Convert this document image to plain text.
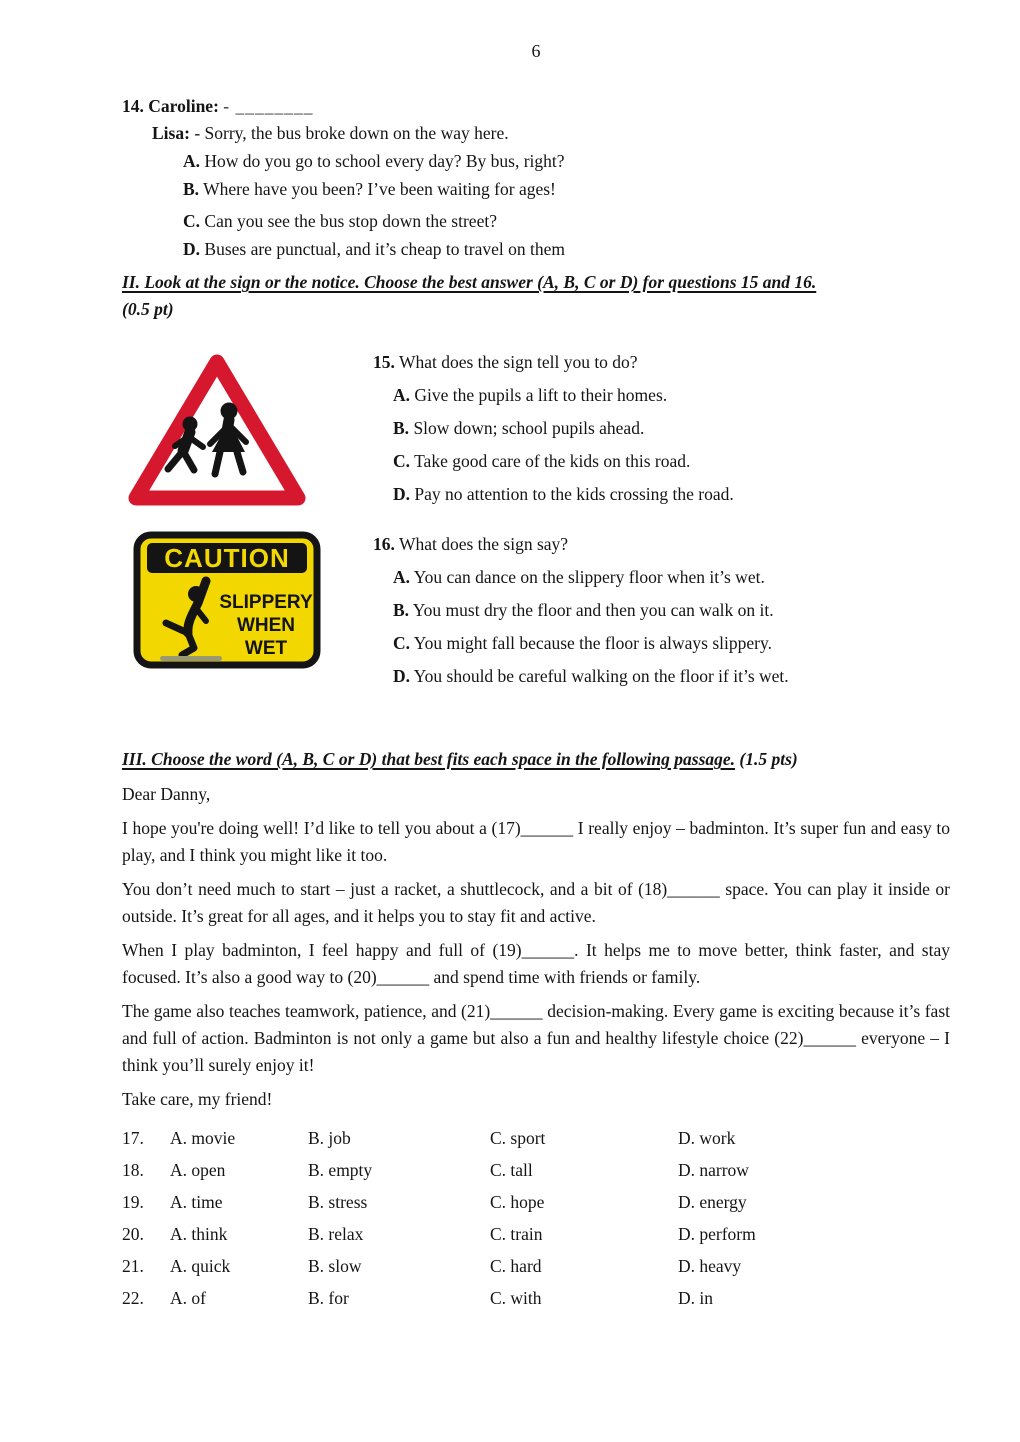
6
14. Caroline: - ________
Lisa: - Sorry, the bus broke down on the way here.
A. How do you go to school every day? By bus, right?
B. Where have you been? I’ve been waiting for ages!
C. Can you see the bus stop down the street?
D. Buses are punctual, and it’s cheap to travel on them
II. Look at the sign or the notice. Choose the best answer (A, B, C or D) for questions 15 and 16.
(0.5 pt)
15. What does the sign tell you to do?
A. Give the pupils a lift to their homes.
B. Slow down; school pupils ahead.
C. Take good care of the kids on this road.
D. Pay no attention to the kids crossing the road.
CAUTION
SLIPPERY
WHEN
WET
16. What does the sign say?
A. You can dance on the slippery floor when it’s wet.
B. You must dry the floor and then you can walk on it.
C. You might fall because the floor is always slippery.
D. You should be careful walking on the floor if it’s wet.
III. Choose the word (A, B, C or D) that best fits each space in the following passage. (1.5 pts)
Dear Danny,
I hope you're doing well! I’d like to tell you about a (17)______ I really enjoy – badminton. It’s super fun and easy to play, and I think you might like it too.
You don’t need much to start – just a racket, a shuttlecock, and a bit of (18)______ space. You can play it inside or outside. It’s great for all ages, and it helps you to stay fit and active.
When I play badminton, I feel happy and full of (19)______. It helps me to move better, think faster, and stay focused. It’s also a good way to (20)______ and spend time with friends or family.
The game also teaches teamwork, patience, and (21)______ decision-making. Every game is exciting because it’s fast and full of action. Badminton is not only a game but also a fun and healthy lifestyle choice (22)______ everyone – I think you’ll surely enjoy it!
Take care, my friend!
17.	A. movie	B. job	C. sport	D. work
18.	A. open	B. empty	C. tall	D. narrow
19.	A. time	B. stress	C. hope	D. energy
20.	A. think	B. relax	C. train	D. perform
21.	A. quick	B. slow	C. hard	D. heavy
22.	A. of	B. for	C. with	D. in
